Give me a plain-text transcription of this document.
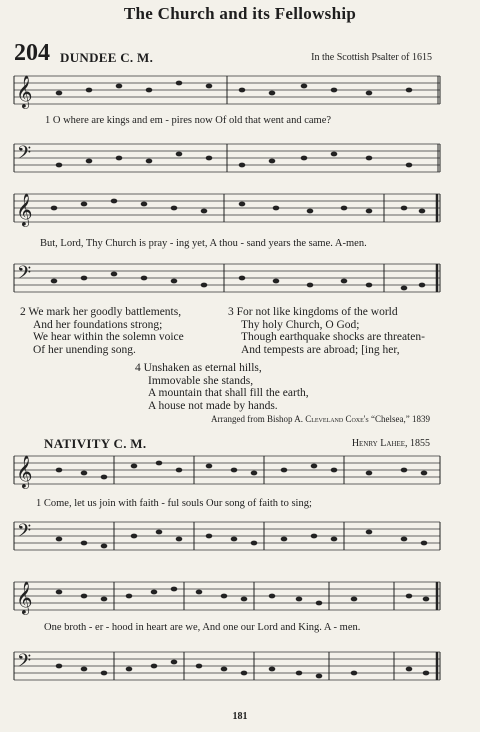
The Church and its Fellowship
204 DUNDEE C. M.	In the Scottish Psalter of 1615
𝄞
1 O where are kings and em - pires now Of old that went and came?
𝄢
𝄞
But, Lord, Thy Church is pray - ing yet, A thou - sand years the same. A-men.
𝄢
2 We mark her goodly battlements,
And her foundations strong;
We hear within the solemn voice
Of her unending song.
3 For not like kingdoms of the world
Thy holy Church, O God;
Though earthquake shocks are threaten-
And tempests are abroad; [ing her,
4 Unshaken as eternal hills,
Immovable she stands,
A mountain that shall fill the earth,
A house not made by hands.
Arranged from Bishop A. Cleveland Coxe's “Chelsea,” 1839
NATIVITY C. M.	Henry Lahee, 1855
𝄞
1 Come, let us join with faith - ful souls Our song of faith to sing;
𝄢
𝄞
One broth - er - hood in heart are we, And one our Lord and King. A - men.
𝄢
181
